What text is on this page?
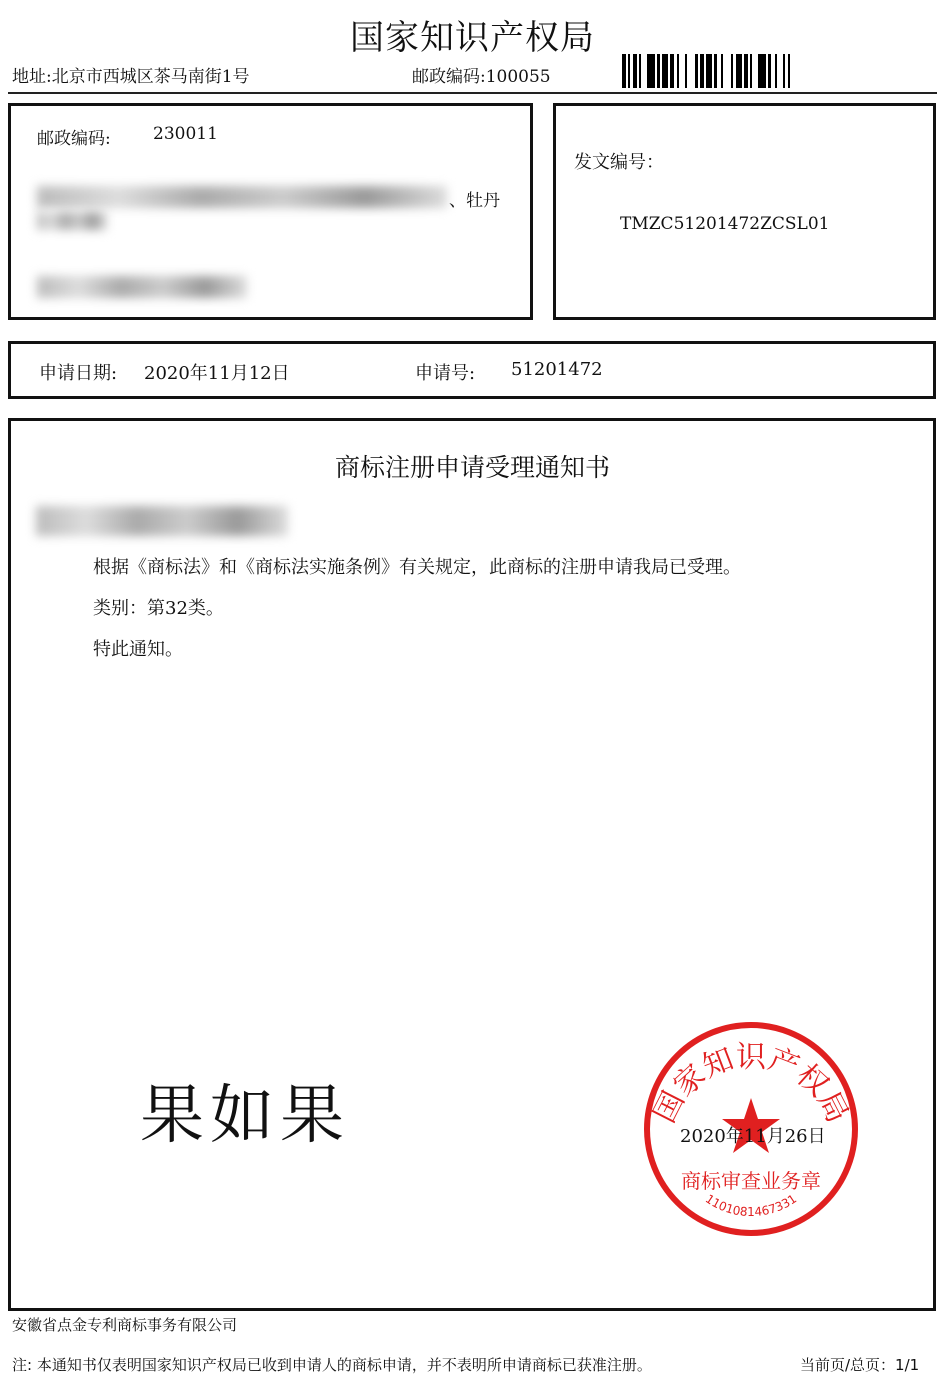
国家知识产权局
地址:北京市西城区茶马南街1号	邮政编码:100055
邮政编码: 230011
、牡丹
发文编号：
TMZC51201472ZCSL01
申请日期: 2020年11月12日	申请号: 51201472
商标注册申请受理通知书
根据《商标法》和《商标法实施条例》有关规定，此商标的注册申请我局已受理。
类别：第32类。
特此通知。
果如果	国家知识产权局
商标审查业务章
1101081467331
2020年11月26日
安徽省点金专利商标事务有限公司
注: 本通知书仅表明国家知识产权局已收到申请人的商标申请，并不表明所申请商标已获准注册。	当前页/总页：1/1
